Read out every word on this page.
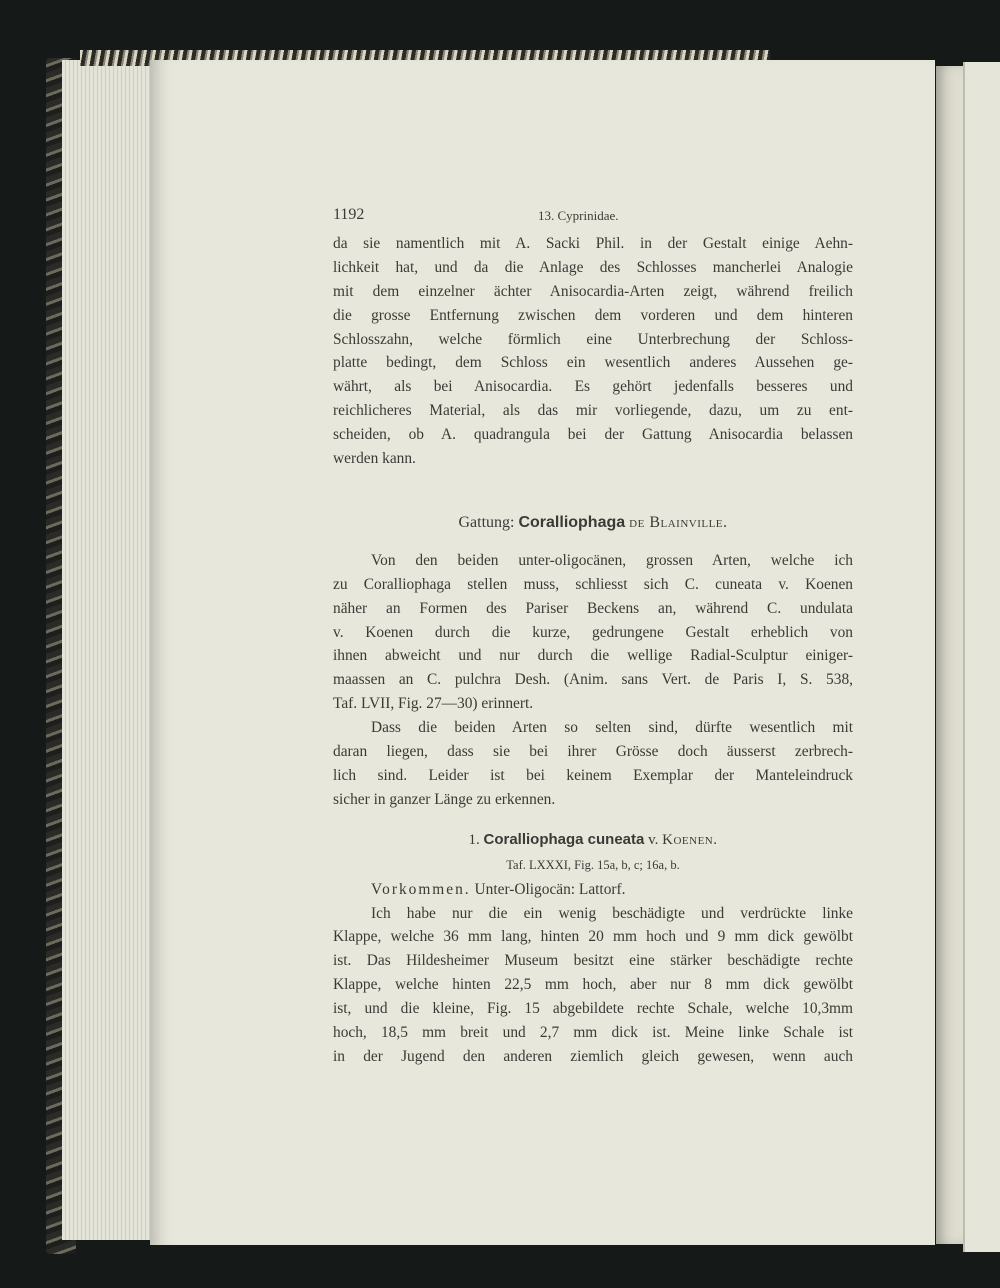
1192	13. Cyprinidae.
da sie namentlich mit A. Sacki Phil. in der Gestalt einige Aehn-
lichkeit hat, und da die Anlage des Schlosses mancherlei Analogie
mit dem einzelner ächter Anisocardia-Arten zeigt, während freilich
die grosse Entfernung zwischen dem vorderen und dem hinteren
Schlosszahn, welche förmlich eine Unterbrechung der Schloss-
platte bedingt, dem Schloss ein wesentlich anderes Aussehen ge-
währt, als bei Anisocardia. Es gehört jedenfalls besseres und
reichlicheres Material, als das mir vorliegende, dazu, um zu ent-
scheiden, ob A. quadrangula bei der Gattung Anisocardia belassen
werden kann.
Gattung: Coralliophaga de Blainville.
Von den beiden unter-oligocänen, grossen Arten, welche ich
zu Coralliophaga stellen muss, schliesst sich C. cuneata v. Koenen
näher an Formen des Pariser Beckens an, während C. undulata
v. Koenen durch die kurze, gedrungene Gestalt erheblich von
ihnen abweicht und nur durch die wellige Radial-Sculptur einiger-
maassen an C. pulchra Desh. (Anim. sans Vert. de Paris I, S. 538,
Taf. LVII, Fig. 27—30) erinnert.
Dass die beiden Arten so selten sind, dürfte wesentlich mit
daran liegen, dass sie bei ihrer Grösse doch äusserst zerbrech-
lich sind. Leider ist bei keinem Exemplar der Manteleindruck
sicher in ganzer Länge zu erkennen.
1. Coralliophaga cuneata v. Koenen.
Taf. LXXXI, Fig. 15a, b, c; 16a, b.
Vorkommen. Unter-Oligocän: Lattorf.
Ich habe nur die ein wenig beschädigte und verdrückte linke
Klappe, welche 36 mm lang, hinten 20 mm hoch und 9 mm dick gewölbt
ist. Das Hildesheimer Museum besitzt eine stärker beschädigte rechte
Klappe, welche hinten 22,5 mm hoch, aber nur 8 mm dick gewölbt
ist, und die kleine, Fig. 15 abgebildete rechte Schale, welche 10,3mm
hoch, 18,5 mm breit und 2,7 mm dick ist. Meine linke Schale ist
in der Jugend den anderen ziemlich gleich gewesen, wenn auch
